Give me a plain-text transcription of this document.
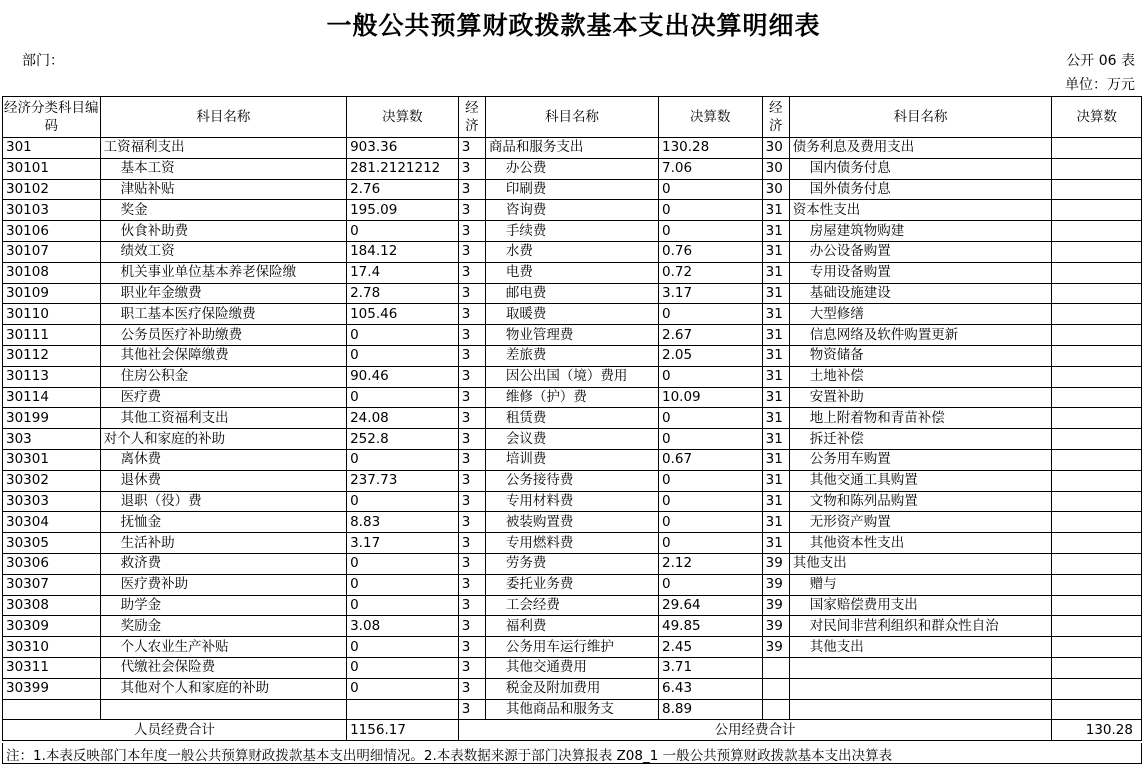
一般公共预算财政拨款基本支出决算明细表
部门：	公开 06 表
单位：万元
经济分类科目编码	科目名称	决算数	经济	科目名称	决算数	经济	科目名称	决算数
301	工资福利支出	903.36	3	商品和服务支出	130.28	30	债务利息及费用支出	
30101	基本工资	281.2121212	3	办公费	7.06	30	国内债务付息	
30102	津贴补贴	2.76	3	印刷费	0	30	国外债务付息	
30103	奖金	195.09	3	咨询费	0	31	资本性支出	
30106	伙食补助费	0	3	手续费	0	31	房屋建筑物购建	
30107	绩效工资	184.12	3	水费	0.76	31	办公设备购置	
30108	机关事业单位基本养老保险缴	17.4	3	电费	0.72	31	专用设备购置	
30109	职业年金缴费	2.78	3	邮电费	3.17	31	基础设施建设	
30110	职工基本医疗保险缴费	105.46	3	取暖费	0	31	大型修缮	
30111	公务员医疗补助缴费	0	3	物业管理费	2.67	31	信息网络及软件购置更新	
30112	其他社会保障缴费	0	3	差旅费	2.05	31	物资储备	
30113	住房公积金	90.46	3	因公出国（境）费用	0	31	土地补偿	
30114	医疗费	0	3	维修（护）费	10.09	31	安置补助	
30199	其他工资福利支出	24.08	3	租赁费	0	31	地上附着物和青苗补偿	
303	对个人和家庭的补助	252.8	3	会议费	0	31	拆迁补偿	
30301	离休费	0	3	培训费	0.67	31	公务用车购置	
30302	退休费	237.73	3	公务接待费	0	31	其他交通工具购置	
30303	退职（役）费	0	3	专用材料费	0	31	文物和陈列品购置	
30304	抚恤金	8.83	3	被装购置费	0	31	无形资产购置	
30305	生活补助	3.17	3	专用燃料费	0	31	其他资本性支出	
30306	救济费	0	3	劳务费	2.12	39	其他支出	
30307	医疗费补助	0	3	委托业务费	0	39	赠与	
30308	助学金	0	3	工会经费	29.64	39	国家赔偿费用支出	
30309	奖励金	3.08	3	福利费	49.85	39	对民间非营利组织和群众性自治	
30310	个人农业生产补贴	0	3	公务用车运行维护	2.45	39	其他支出	
30311	代缴社会保险费	0	3	其他交通费用	3.71			
30399	其他对个人和家庭的补助	0	3	税金及附加费用	6.43			
			3	其他商品和服务支	8.89			
人员经费合计		1156.17	公用经费合计					130.28
注：1.本表反映部门本年度一般公共预算财政拨款基本支出明细情况。2.本表数据来源于部门决算报表 Z08_1 一般公共预算财政拨款基本支出决算表
